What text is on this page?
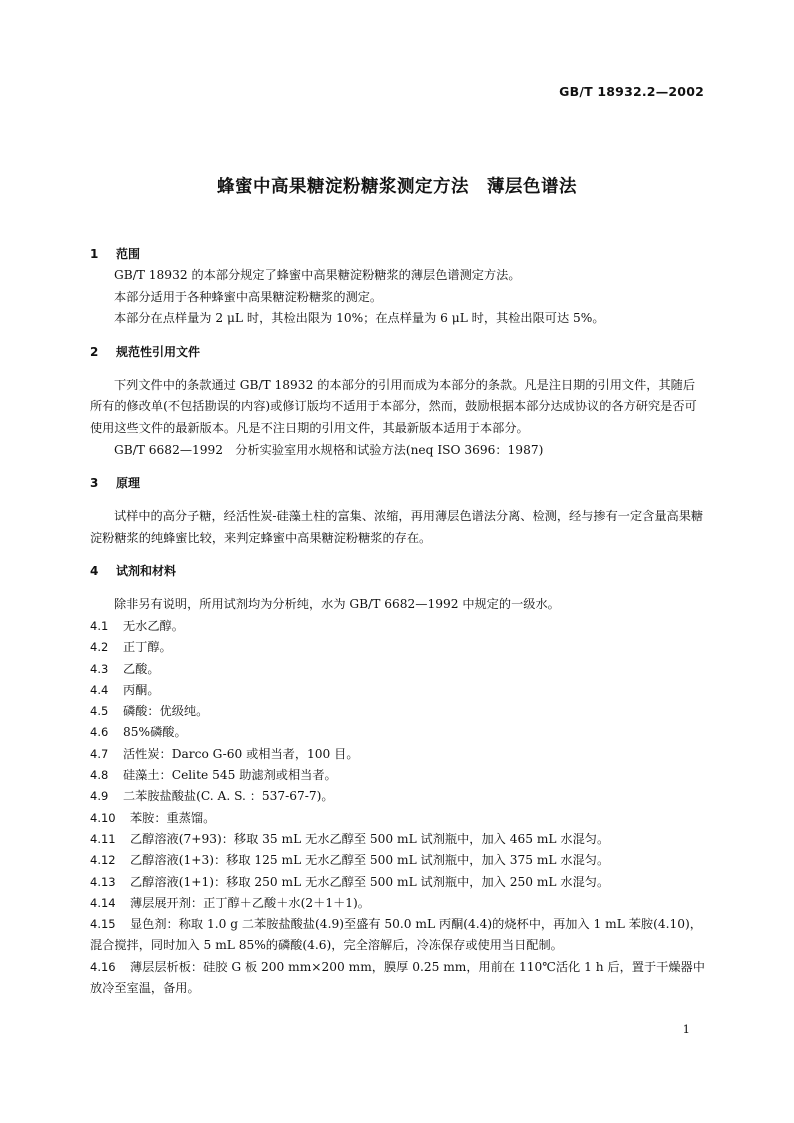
GB/T 18932.2—2002
蜂蜜中高果糖淀粉糖浆测定方法　薄层色谱法
1 范围
GB/T 18932 的本部分规定了蜂蜜中高果糖淀粉糖浆的薄层色谱测定方法。
本部分适用于各种蜂蜜中高果糖淀粉糖浆的测定。
本部分在点样量为 2 μL 时，其检出限为 10%；在点样量为 6 μL 时，其检出限可达 5%。
2 规范性引用文件
下列文件中的条款通过 GB/T 18932 的本部分的引用而成为本部分的条款。凡是注日期的引用文件，其随后所有的修改单(不包括勘误的内容)或修订版均不适用于本部分，然而，鼓励根据本部分达成协议的各方研究是否可使用这些文件的最新版本。凡是不注日期的引用文件，其最新版本适用于本部分。
GB/T 6682—1992　分析实验室用水规格和试验方法(neq ISO 3696：1987)
3 原理
试样中的高分子糖，经活性炭-硅藻土柱的富集、浓缩，再用薄层色谱法分离、检测，经与掺有一定含量高果糖淀粉糖浆的纯蜂蜜比较，来判定蜂蜜中高果糖淀粉糖浆的存在。
4 试剂和材料
除非另有说明，所用试剂均为分析纯，水为 GB/T 6682—1992 中规定的一级水。
4.1 无水乙醇。
4.2 正丁醇。
4.3 乙酸。
4.4 丙酮。
4.5 磷酸：优级纯。
4.6 85%磷酸。
4.7 活性炭：Darco G-60 或相当者，100 目。
4.8 硅藻土：Celite 545 助滤剂或相当者。
4.9 二苯胺盐酸盐(C. A. S. ：537-67-7)。
4.10 苯胺：重蒸馏。
4.11 乙醇溶液(7+93)：移取 35 mL 无水乙醇至 500 mL 试剂瓶中，加入 465 mL 水混匀。
4.12 乙醇溶液(1+3)：移取 125 mL 无水乙醇至 500 mL 试剂瓶中，加入 375 mL 水混匀。
4.13 乙醇溶液(1+1)：移取 250 mL 无水乙醇至 500 mL 试剂瓶中，加入 250 mL 水混匀。
4.14 薄层展开剂：正丁醇＋乙酸＋水(2＋1＋1)。
4.15 显色剂：称取 1.0 g 二苯胺盐酸盐(4.9)至盛有 50.0 mL 丙酮(4.4)的烧杯中，再加入 1 mL 苯胺(4.10)，混合搅拌，同时加入 5 mL 85%的磷酸(4.6)，完全溶解后，冷冻保存或使用当日配制。
4.16 薄层层析板：硅胶 G 板 200 mm×200 mm，膜厚 0.25 mm，用前在 110℃活化 1 h 后，置于干燥器中放冷至室温，备用。
1
